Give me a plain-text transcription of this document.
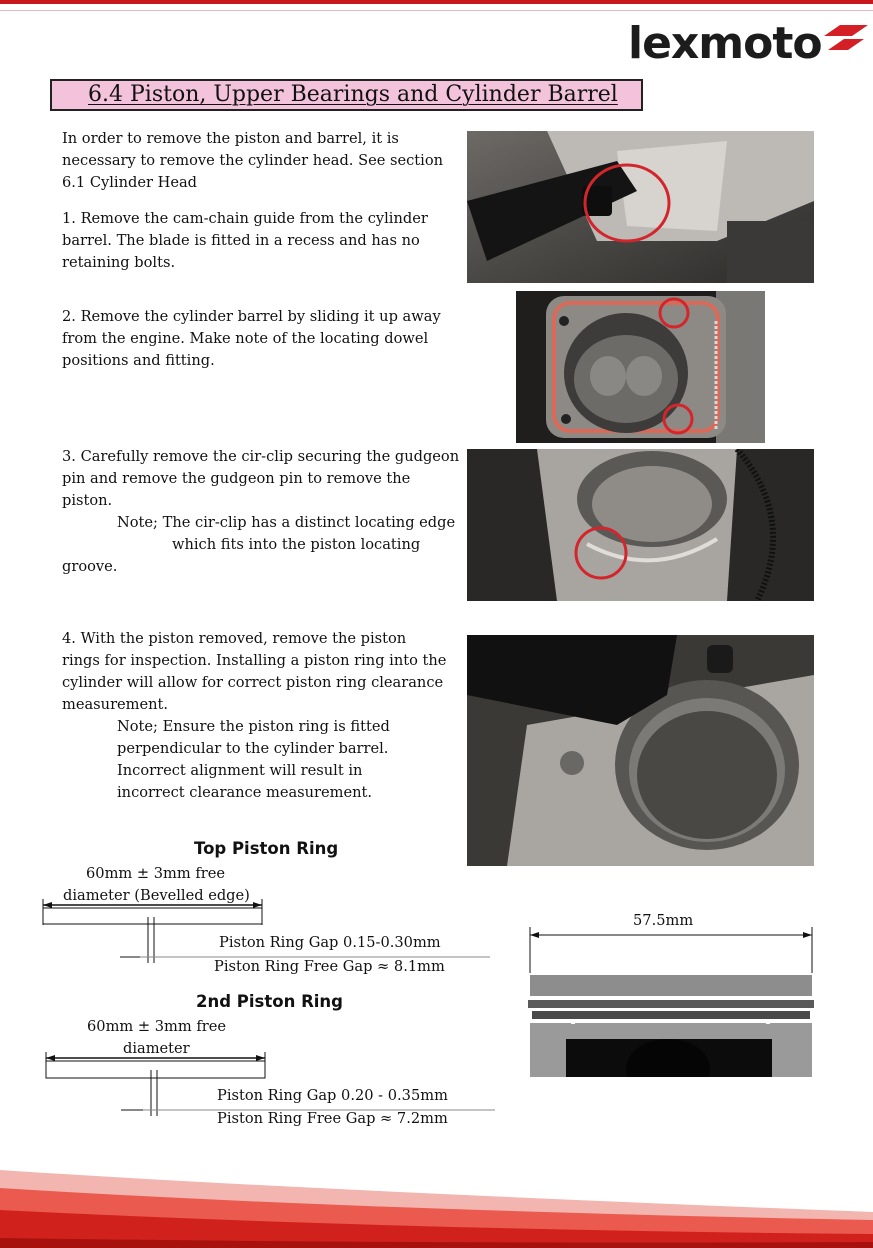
lexmoto
6.4 Piston, Upper Bearings and Cylinder Barrel

In order to remove the piston and barrel, it is

necessary to remove the cylinder head. See section

6.1 Cylinder Head

1. Remove the cam-chain guide from the cylinder

barrel. The blade is fitted in a recess and has no

retaining bolts.

2. Remove the cylinder barrel by sliding it up away

from the engine. Make note of the locating dowel

positions and fitting.

3. Carefully remove the cir-clip securing the gudgeon

pin and remove the gudgeon pin to remove the

piston.

Note; The cir-clip has a distinct locating edge

which fits into the piston locating

groove.

4. With the piston removed, remove the piston

rings for inspection. Installing a piston ring into the

cylinder will allow for correct piston ring clearance

measurement.

Note; Ensure the piston ring is fitted

perpendicular to the cylinder barrel.

Incorrect alignment will result in

incorrect clearance measurement.

Top Piston Ring
60mm ± 3mm free
diameter (Bevelled edge)
Piston Ring Gap 0.15-0.30mm
Piston Ring Free Gap ≈ 8.1mm
2nd Piston Ring
60mm ± 3mm free
diameter
Piston Ring Gap 0.20 - 0.35mm
Piston Ring Free Gap ≈ 7.2mm
57.5mm
